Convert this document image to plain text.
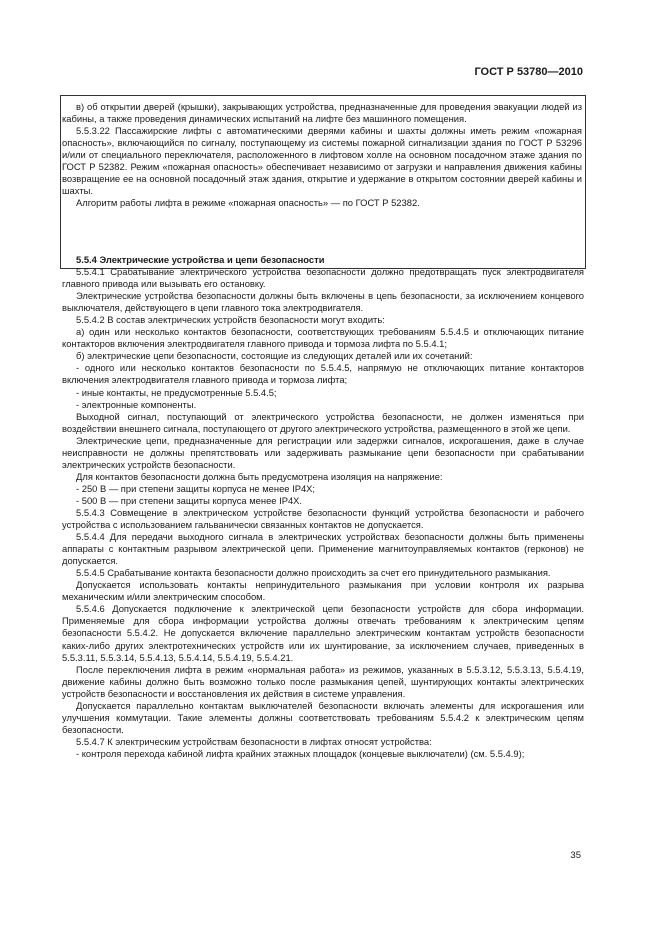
ГОСТ Р 53780—2010

в) об открытии дверей (крышки), закрывающих устройства, предназначенные для проведения эвакуации людей из кабины, а также проведения динамических испытаний на лифте без машинного помещения.

5.5.3.22 Пассажирские лифты с автоматическими дверями кабины и шахты должны иметь режим «пожарная опасность», включающийся по сигналу, поступающему из системы пожарной сигнализации здания по ГОСТ Р 53296 и/или от специального переключателя, расположенного в лифтовом холле на основном посадочном этаже здания по ГОСТ Р 52382. Режим «пожарная опасность» обеспечивает независимо от загрузки и направления движения кабины возвращение ее на основной посадочный этаж здания, открытие и удержание в открытом состоянии дверей кабины и шахты.

Алгоритм работы лифта в режиме «пожарная опасность» — по ГОСТ Р 52382.

5.5.4 Электрические устройства и цепи безопасности

5.5.4.1 Срабатывание электрического устройства безопасности должно предотвращать пуск электродвигателя главного привода или вызывать его остановку.

Электрические устройства безопасности должны быть включены в цепь безопасности, за исключением концевого выключателя, действующего в цепи главного тока электродвигателя.

5.5.4.2 В состав электрических устройств безопасности могут входить:

а) один или несколько контактов безопасности, соответствующих требованиям 5.5.4.5 и отключающих питание контакторов включения электродвигателя главного привода и тормоза лифта по 5.5.4.1;

б) электрические цепи безопасности, состоящие из следующих деталей или их сочетаний:

- одного или несколько контактов безопасности по 5.5.4.5, напрямую не отключающих питание контакторов включения электродвигателя главного привода и тормоза лифта;

- иные контакты, не предусмотренные 5.5.4.5;

- электронные компоненты.

Выходной сигнал, поступающий от электрического устройства безопасности, не должен изменяться при воздействии внешнего сигнала, поступающего от другого электрического устройства, размещенного в этой же цепи.

Электрические цепи, предназначенные для регистрации или задержки сигналов, искрогашения, даже в случае неисправности не должны препятствовать или задерживать размыкание цепи безопасности при срабатывании электрических устройств безопасности.

Для контактов безопасности должна быть предусмотрена изоляция на напряжение:

- 250 В — при степени защиты корпуса не менее IP4X;

- 500 В — при степени защиты корпуса менее IP4X.

5.5.4.3 Совмещение в электрическом устройстве безопасности функций устройства безопасности и рабочего устройства с использованием гальванически связанных контактов не допускается.

5.5.4.4 Для передачи выходного сигнала в электрических устройствах безопасности должны быть применены аппараты с контактным разрывом электрической цепи. Применение магнитоуправляемых контактов (герконов) не допускается.

5.5.4.5 Срабатывание контакта безопасности должно происходить за счет его принудительного размыкания.

Допускается использовать контакты непринудительного размыкания при условии контроля их разрыва механическим и/или электрическим способом.

5.5.4.6 Допускается подключение к электрической цепи безопасности устройств для сбора информации. Применяемые для сбора информации устройства должны отвечать требованиям к электрическим цепям безопасности 5.5.4.2. Не допускается включение параллельно электрическим контактам устройств безопасности каких-либо других электротехнических устройств или их шунтирование, за исключением случаев, приведенных в 5.5.3.11, 5.5.3.14, 5.5.4.13, 5.5.4.14, 5.5.4.19, 5.5.4.21.

После переключения лифта в режим «нормальная работа» из режимов, указанных в 5.5.3.12, 5.5.3.13, 5.5.4.19, движение кабины должно быть возможно только после размыкания цепей, шунтирующих контакты электрических устройств безопасности и восстановления их действия в системе управления.

Допускается параллельно контактам выключателей безопасности включать элементы для искрогашения или улучшения коммутации. Такие элементы должны соответствовать требованиям 5.5.4.2 к электрическим цепям безопасности.

5.5.4.7 К электрическим устройствам безопасности в лифтах относят устройства:

- контроля перехода кабиной лифта крайних этажных площадок (концевые выключатели) (см. 5.5.4.9);

35
